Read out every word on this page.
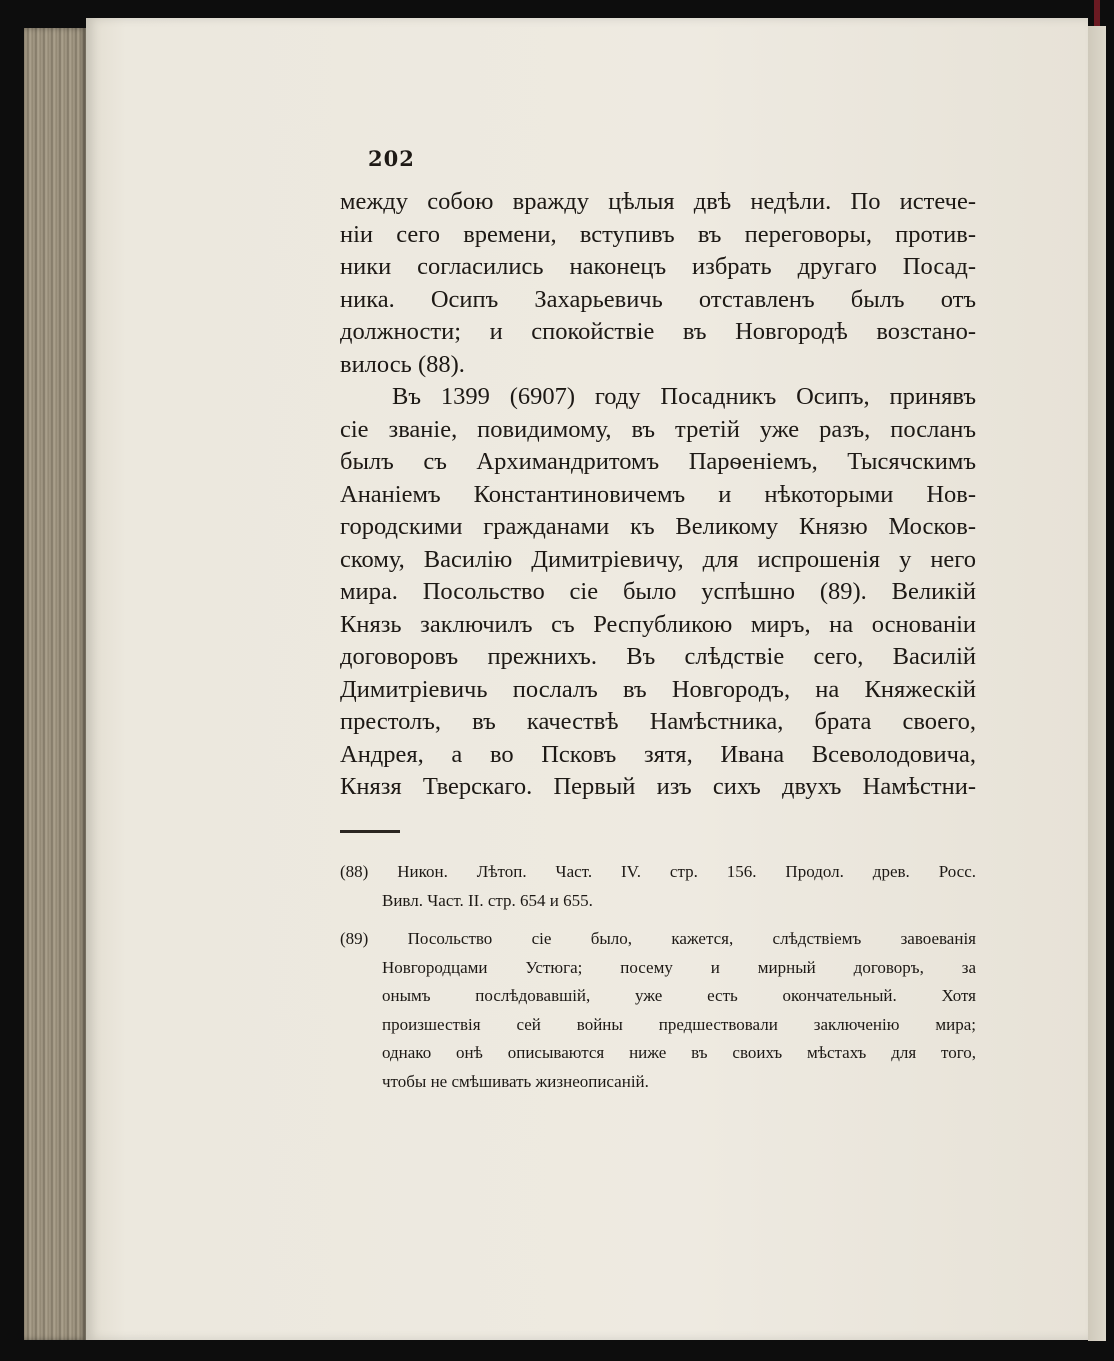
202
между собою вражду цѣлыя двѣ недѣли. По истече-
нiи сего времени, вступивъ въ переговоры, против-
ники согласились наконецъ избрать другаго Посад-
ника. Осипъ Захарьевичь отставленъ былъ отъ
должности; и спокойствiе въ Новгородѣ возстано-
вилось (88).
Въ 1399 (6907) году Посадникъ Осипъ, принявъ
сiе званiе, повидимому, въ третiй уже разъ, посланъ
былъ съ Архимандритомъ Парѳенiемъ, Тысячскимъ
Ананiемъ Константиновичемъ и нѣкоторыми Нов-
городскими гражданами къ Великому Князю Москов-
скому, Василiю Димитрiевичу, для испрошенiя у него
мира. Посольство сiе было успѣшно (89). Великiй
Князь заключилъ съ Республикою миръ, на основанiи
договоровъ прежнихъ. Въ слѣдствiе сего, Василiй
Димитрiевичь послалъ въ Новгородъ, на Княжескiй
престолъ, въ качествѣ Намѣстника, брата своего,
Андрея, а во Псковъ зятя, Ивана Всеволодовича,
Князя Тверскаго. Первый изъ сихъ двухъ Намѣстни-
(88) Никон. Лѣтоп. Част. IV. стр. 156. Продол. древ. Росс.
Вивл. Част. II. стр. 654 и 655.
(89) Посольство сiе было, кажется, слѣдствiемъ завоеванiя
Новгородцами Устюга; посему и мирный договоръ, за
онымъ послѣдовавшiй, уже есть окончательный. Хотя
произшествiя сей войны предшествовали заключенiю мира;
однако онѣ описываются ниже въ своихъ мѣстахъ для того,
чтобы не смѣшивать жизнеописанiй.
